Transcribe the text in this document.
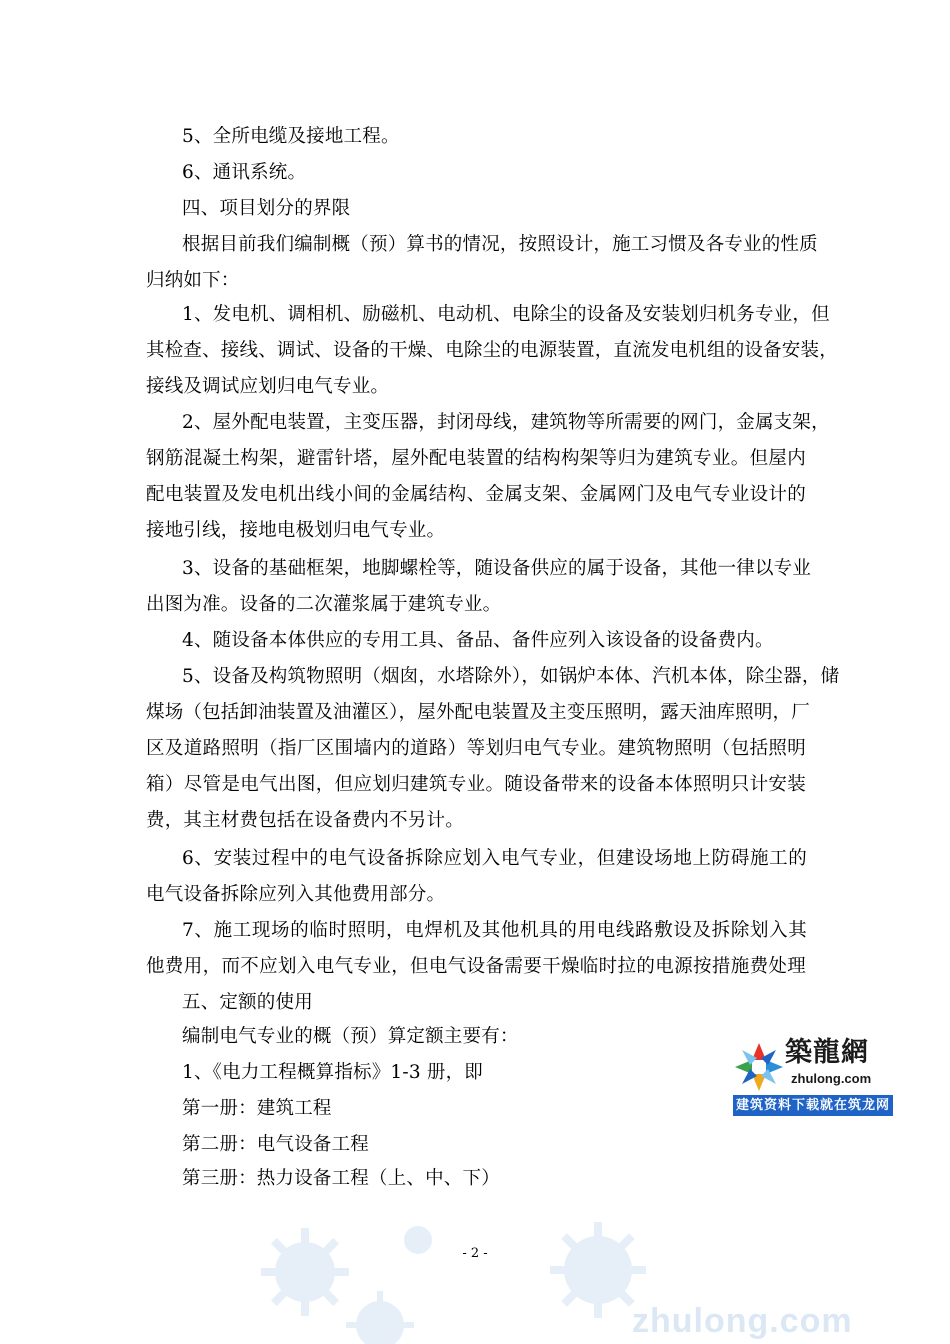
5、全所电缆及接地工程。

6、通讯系统。

四、项目划分的界限

根据目前我们编制概（预）算书的情况，按照设计，施工习惯及各专业的性质

归纳如下：

1、发电机、调相机、励磁机、电动机、电除尘的设备及安装划归机务专业，但

其检查、接线、调试、设备的干燥、电除尘的电源装置，直流发电机组的设备安装，

接线及调试应划归电气专业。

2、屋外配电装置，主变压器，封闭母线，建筑物等所需要的网门，金属支架，

钢筋混凝土构架，避雷针塔，屋外配电装置的结构构架等归为建筑专业。但屋内

配电装置及发电机出线小间的金属结构、金属支架、金属网门及电气专业设计的

接地引线，接地电极划归电气专业。

3、设备的基础框架，地脚螺栓等，随设备供应的属于设备，其他一律以专业

出图为准。设备的二次灌浆属于建筑专业。

4、随设备本体供应的专用工具、备品、备件应列入该设备的设备费内。

5、设备及构筑物照明（烟囱，水塔除外），如锅炉本体、汽机本体，除尘器，储

煤场（包括卸油装置及油灌区），屋外配电装置及主变压照明，露天油库照明，厂

区及道路照明（指厂区围墙内的道路）等划归电气专业。建筑物照明（包括照明

箱）尽管是电气出图，但应划归建筑专业。随设备带来的设备本体照明只计安装

费，其主材费包括在设备费内不另计。

6、安装过程中的电气设备拆除应划入电气专业，但建设场地上防碍施工的

电气设备拆除应列入其他费用部分。

7、施工现场的临时照明，电焊机及其他机具的用电线路敷设及拆除划入其

他费用，而不应划入电气专业，但电气设备需要干燥临时拉的电源按措施费处理

五、定额的使用

编制电气专业的概（预）算定额主要有：

1、《电力工程概算指标》1-3 册，即

第一册：建筑工程

第二册：电气设备工程

第三册：热力设备工程（上、中、下）

築龍網
zhulong.com
建筑资料下载就在筑龙网
- 2 -
zhulong.com
